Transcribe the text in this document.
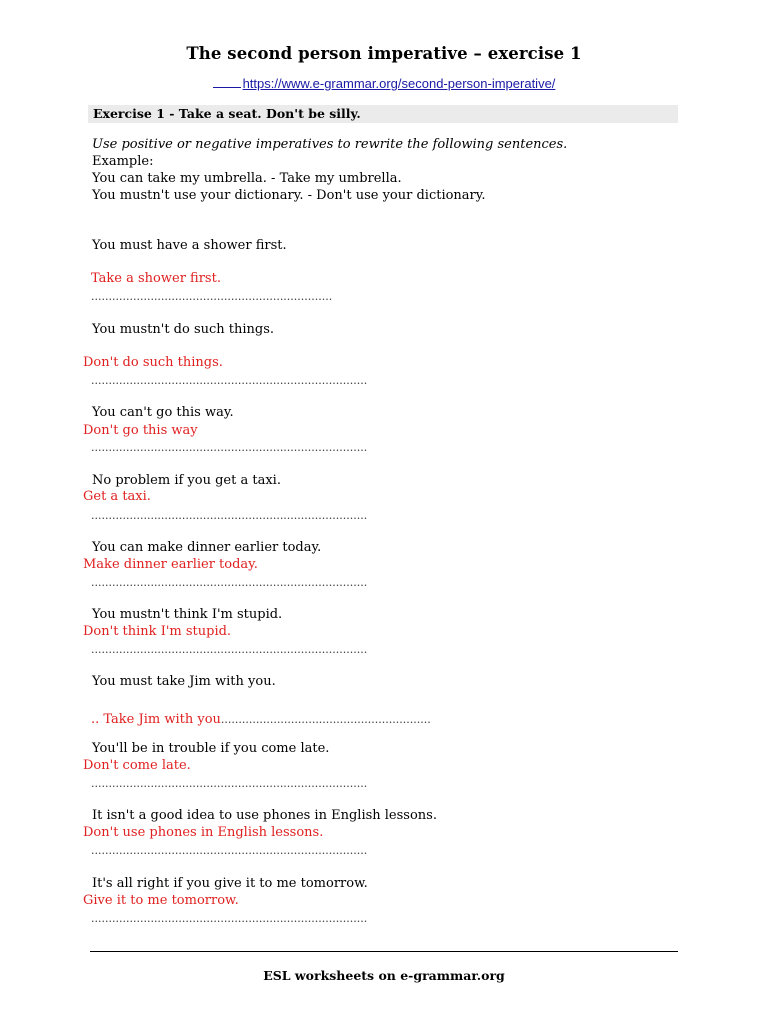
The second person imperative – exercise 1
https://www.e-grammar.org/second-person-imperative/
Exercise 1 - Take a seat. Don't be silly.
Use positive or negative imperatives to rewrite the following sentences.
Example:
You can take my umbrella. - Take my umbrella.
You mustn't use your dictionary. - Don't use your dictionary.
You must have a shower first.
Take a shower first.
.....................................................................
You mustn't do such things.
Don't do such things.
...............................................................................
You can't go this way.
Don't go this way
...............................................................................
No problem if you get a taxi.
Get a taxi.
...............................................................................
You can make dinner earlier today.
Make dinner earlier today.
...............................................................................
You mustn't think I'm stupid.
Don't think I'm stupid.
...............................................................................
You must take Jim with you.
.. Take Jim with you............................................................
You'll be in trouble if you come late.
Don't come late.
...............................................................................
It isn't a good idea to use phones in English lessons.
Don't use phones in English lessons.
...............................................................................
It's all right if you give it to me tomorrow.
Give it to me tomorrow.
...............................................................................
ESL worksheets on e-grammar.org
